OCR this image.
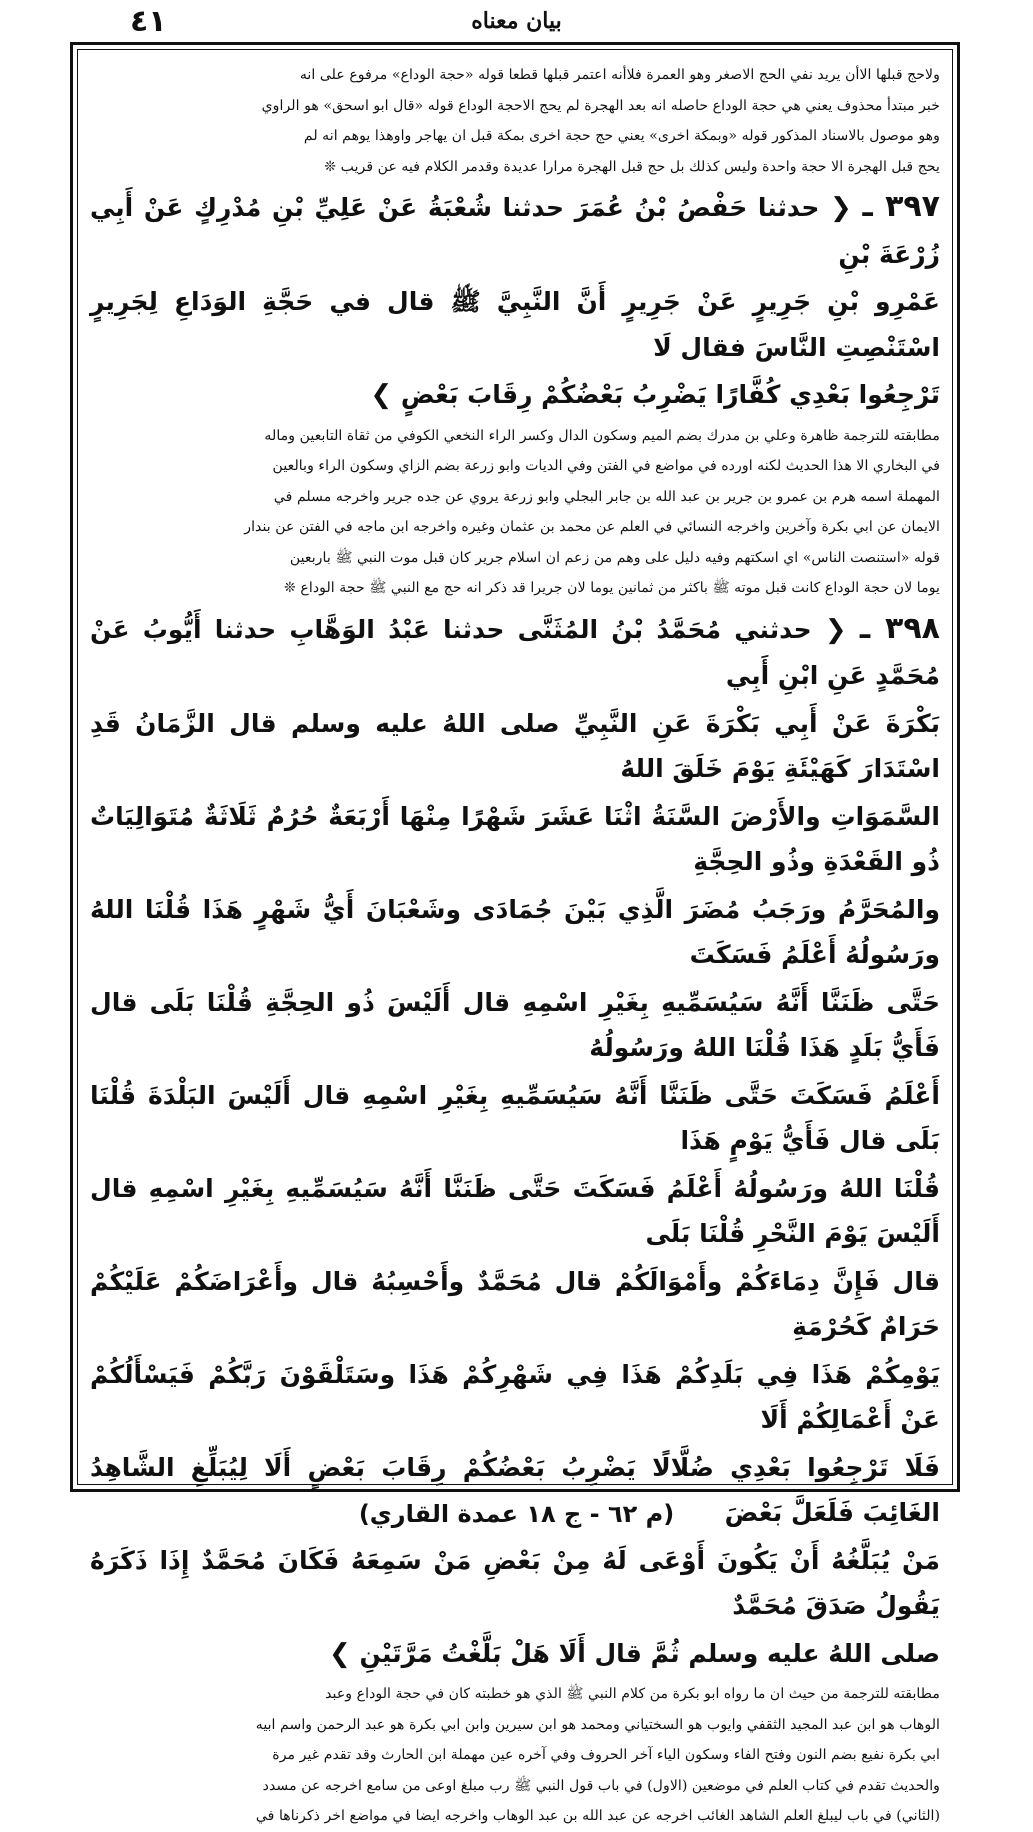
٤١	بيان معناه

ولاحج قبلها الاأن يريد نفي الحج الاصغر وهو العمرة فلاأنه اعتمر قبلها قطعا قوله «حجة الوداع» مرفوع على انه

خبر مبتدأ محذوف يعني هي حجة الوداع حاصله انه بعد الهجرة لم يحج الاحجة الوداع قوله «قال ابو اسحق» هو الراوي

وهو موصول بالاسناد المذكور قوله «وبمكة اخرى» يعني حج حجة اخرى بمكة قبل ان يهاجر واوهذا يوهم انه لم

يحج قبل الهجرة الا حجة واحدة وليس كذلك بل حج قبل الهجرة مرارا عديدة وقدمر الكلام فيه عن قريب ❊

٣٩٧ ـ ❮ حدثنا حَفْصُ بْنُ عُمَرَ حدثنا شُعْبَةُ عَنْ عَلِيِّ بْنِ مُدْرِكٍ عَنْ أَبِي زُرْعَةَ بْنِ

عَمْرِو بْنِ جَرِيرٍ عَنْ جَرِيرٍ أَنَّ النَّبِيَّ ﷺ قال في حَجَّةِ الوَدَاعِ لِجَرِيرٍ اسْتَنْصِتِ النَّاسَ فقال لَا

تَرْجِعُوا بَعْدِي كُفَّارًا يَضْرِبُ بَعْضُكُمْ رِقَابَ بَعْضٍ ❯

مطابقته للترجمة ظاهرة وعلي بن مدرك بضم الميم وسكون الدال وكسر الراء النخعي الكوفي من ثقاة التابعين وماله

في البخاري الا هذا الحديث لكنه اورده في مواضع في الفتن وفي الديات وابو زرعة بضم الزاي وسكون الراء وبالعين

المهملة اسمه هرم بن عمرو بن جرير بن عبد الله بن جابر البجلي وابو زرعة يروي عن جده جرير واخرجه مسلم في

الايمان عن ابي بكرة وآخرين واخرجه النسائي في العلم عن محمد بن عثمان وغيره واخرجه ابن ماجه في الفتن عن بندار

قوله «استنصت الناس» اي اسكتهم وفيه دليل على وهم من زعم ان اسلام جرير كان قبل موت النبي ﷺ باربعين

يوما لان حجة الوداع كانت قبل موته ﷺ باكثر من ثمانين يوما لان جريرا قد ذكر انه حج مع النبي ﷺ حجة الوداع ❊

٣٩٨ ـ ❮ حدثني مُحَمَّدُ بْنُ المُثَنَّى حدثنا عَبْدُ الوَهَّابِ حدثنا أَيُّوبُ عَنْ مُحَمَّدٍ عَنِ ابْنِ أَبِي

بَكْرَةَ عَنْ أَبِي بَكْرَةَ عَنِ النَّبِيِّ صلى اللهُ عليه وسلم قال الزَّمَانُ قَدِ اسْتَدَارَ كَهَيْئَةِ يَوْمَ خَلَقَ اللهُ

السَّمَوَاتِ والأَرْضَ السَّنَةُ اثْنَا عَشَرَ شَهْرًا مِنْهَا أَرْبَعَةٌ حُرُمٌ ثَلَاثَةٌ مُتَوَالِيَاتٌ ذُو القَعْدَةِ وذُو الحِجَّةِ

والمُحَرَّمُ ورَجَبُ مُضَرَ الَّذِي بَيْنَ جُمَادَى وشَعْبَانَ أَيُّ شَهْرٍ هَذَا قُلْنَا اللهُ ورَسُولُهُ أَعْلَمُ فَسَكَتَ

حَتَّى ظَنَنَّا أَنَّهُ سَيُسَمِّيهِ بِغَيْرِ اسْمِهِ قال أَلَيْسَ ذُو الحِجَّةِ قُلْنَا بَلَى قال فَأَيُّ بَلَدٍ هَذَا قُلْنَا اللهُ ورَسُولُهُ

أَعْلَمُ فَسَكَتَ حَتَّى ظَنَنَّا أَنَّهُ سَيُسَمِّيهِ بِغَيْرِ اسْمِهِ قال أَلَيْسَ البَلْدَةَ قُلْنَا بَلَى قال فَأَيُّ يَوْمٍ هَذَا

قُلْنَا اللهُ ورَسُولُهُ أَعْلَمُ فَسَكَتَ حَتَّى ظَنَنَّا أَنَّهُ سَيُسَمِّيهِ بِغَيْرِ اسْمِهِ قال أَلَيْسَ يَوْمَ النَّحْرِ قُلْنَا بَلَى

قال فَإِنَّ دِمَاءَكُمْ وأَمْوَالَكُمْ قال مُحَمَّدٌ وأَحْسِبُهُ قال وأَعْرَاضَكُمْ عَلَيْكُمْ حَرَامٌ كَحُرْمَةِ

يَوْمِكُمْ هَذَا فِي بَلَدِكُمْ هَذَا فِي شَهْرِكُمْ هَذَا وسَتَلْقَوْنَ رَبَّكُمْ فَيَسْأَلُكُمْ عَنْ أَعْمَالِكُمْ أَلَا

فَلَا تَرْجِعُوا بَعْدِي ضُلَّالًا يَضْرِبُ بَعْضُكُمْ رِقَابَ بَعْضٍ أَلَا لِيُبَلِّغِ الشَّاهِدُ الغَائِبَ فَلَعَلَّ بَعْضَ

مَنْ يُبَلَّغُهُ أَنْ يَكُونَ أَوْعَى لَهُ مِنْ بَعْضِ مَنْ سَمِعَهُ فَكَانَ مُحَمَّدٌ إِذَا ذَكَرَهُ يَقُولُ صَدَقَ مُحَمَّدٌ

صلى اللهُ عليه وسلم ثُمَّ قال أَلَا هَلْ بَلَّغْتُ مَرَّتَيْنِ ❯

مطابقته للترجمة من حيث ان ما رواه ابو بكرة من كلام النبي ﷺ الذي هو خطبته كان في حجة الوداع وعبد

الوهاب هو ابن عبد المجيد الثقفي وايوب هو السختياني ومحمد هو ابن سيرين وابن ابي بكرة هو عبد الرحمن واسم ابيه

ابي بكرة نفيع بضم النون وفتح الفاء وسكون الياء آخر الحروف وفي آخره عين مهملة ابن الحارث وقد تقدم غير مرة

والحديث تقدم في كتاب العلم في موضعين (الاول) في باب قول النبي ﷺ رب مبلغ اوعى من سامع اخرجه عن مسدد

(الثاني) في باب ليبلغ العلم الشاهد الغائب اخرجه عن عبد الله بن عبد الوهاب واخرجه ايضا في مواضع اخر ذكرناها في

(م ٦٢ - ج ١٨ عمدة القاري)
